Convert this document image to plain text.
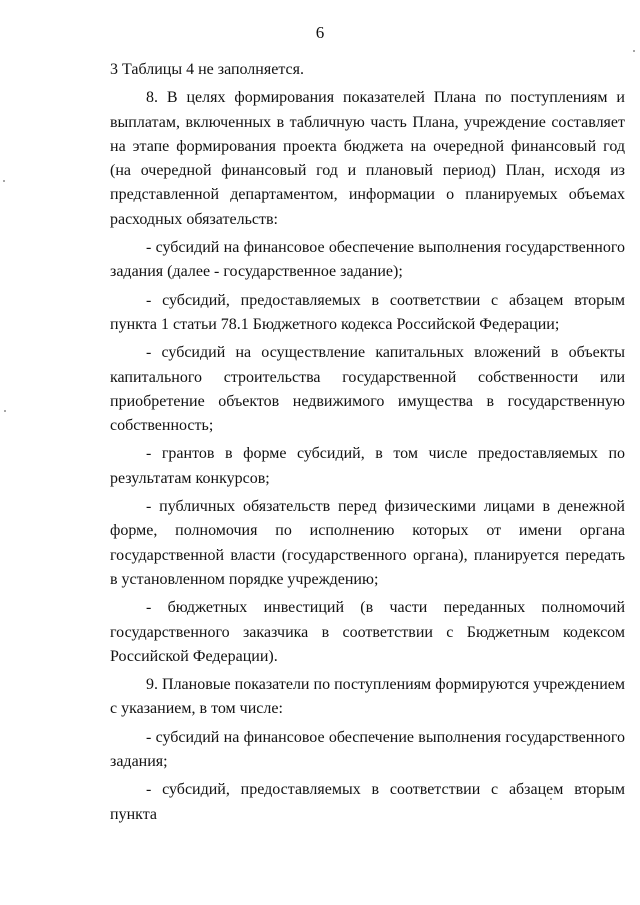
6

3 Таблицы 4 не заполняется.

8. В целях формирования показателей Плана по поступлениям и выплатам, включенных в табличную часть Плана, учреждение составляет на этапе формирования проекта бюджета на очередной финансовый год (на очередной финансовый год и плановый период) План, исходя из представленной департаментом, информации о планируемых объемах расходных обязательств:

- субсидий на финансовое обеспечение выполнения государственного задания (далее - государственное задание);

- субсидий, предоставляемых в соответствии с абзацем вторым пункта 1 статьи 78.1 Бюджетного кодекса Российской Федерации;

- субсидий на осуществление капитальных вложений в объекты капитального строительства государственной собственности или приобретение объектов недвижимого имущества в государственную собственность;

- грантов в форме субсидий, в том числе предоставляемых по результатам конкурсов;

- публичных обязательств перед физическими лицами в денежной форме, полномочия по исполнению которых от имени органа государственной власти (государственного органа), планируется передать в установленном порядке учреждению;

- бюджетных инвестиций (в части переданных полномочий государственного заказчика в соответствии с Бюджетным кодексом Российской Федерации).

9. Плановые показатели по поступлениям формируются учреждением с указанием, в том числе:

- субсидий на финансовое обеспечение выполнения государственного задания;

- субсидий, предоставляемых в соответствии с абзацем вторым пункта
